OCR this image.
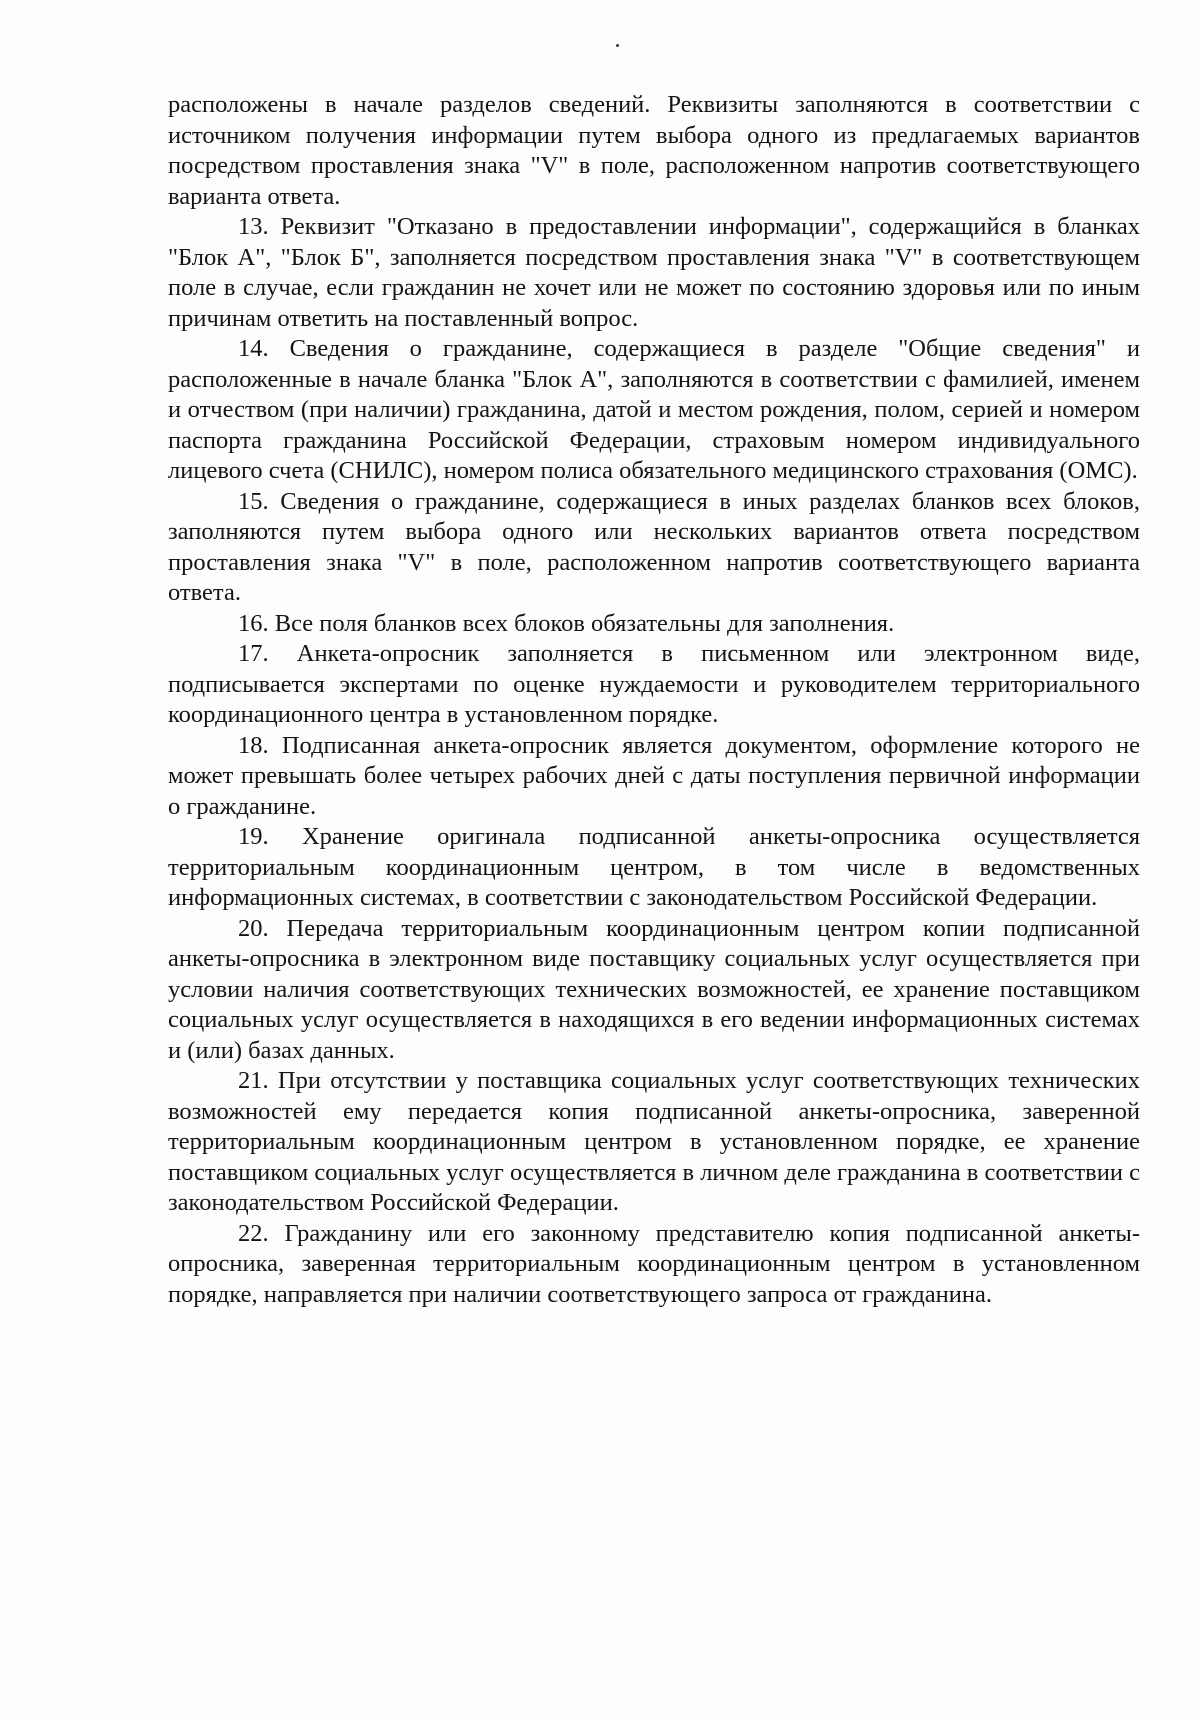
расположены в начале разделов сведений. Реквизиты заполняются в соответствии с источником получения информации путем выбора одного из предлагаемых вариантов посредством проставления знака "V" в поле, расположенном напротив соответствующего варианта ответа.

13. Реквизит "Отказано в предоставлении информации", содержащийся в бланках "Блок А", "Блок Б", заполняется посредством проставления знака "V" в соответствующем поле в случае, если гражданин не хочет или не может по состоянию здоровья или по иным причинам ответить на поставленный вопрос.

14. Сведения о гражданине, содержащиеся в разделе "Общие сведения" и расположенные в начале бланка "Блок А", заполняются в соответствии с фамилией, именем и отчеством (при наличии) гражданина, датой и местом рождения, полом, серией и номером паспорта гражданина Российской Федерации, страховым номером индивидуального лицевого счета (СНИЛС), номером полиса обязательного медицинского страхования (ОМС).

15. Сведения о гражданине, содержащиеся в иных разделах бланков всех блоков, заполняются путем выбора одного или нескольких вариантов ответа посредством проставления знака "V" в поле, расположенном напротив соответствующего варианта ответа.

16. Все поля бланков всех блоков обязательны для заполнения.

17. Анкета-опросник заполняется в письменном или электронном виде, подписывается экспертами по оценке нуждаемости и руководителем территориального координационного центра в установленном порядке.

18. Подписанная анкета-опросник является документом, оформление которого не может превышать более четырех рабочих дней с даты поступления первичной информации о гражданине.

19. Хранение оригинала подписанной анкеты-опросника осуществляется территориальным координационным центром, в том числе в ведомственных информационных системах, в соответствии с законодательством Российской Федерации.

20. Передача территориальным координационным центром копии подписанной анкеты-опросника в электронном виде поставщику социальных услуг осуществляется при условии наличия соответствующих технических возможностей, ее хранение поставщиком социальных услуг осуществляется в находящихся в его ведении информационных системах и (или) базах данных.

21. При отсутствии у поставщика социальных услуг соответствующих технических возможностей ему передается копия подписанной анкеты-опросника, заверенной территориальным координационным центром в установленном порядке, ее хранение поставщиком социальных услуг осуществляется в личном деле гражданина в соответствии с законодательством Российской Федерации.

22. Гражданину или его законному представителю копия подписанной анкеты-опросника, заверенная территориальным координационным центром в установленном порядке, направляется при наличии соответствующего запроса от гражданина.
